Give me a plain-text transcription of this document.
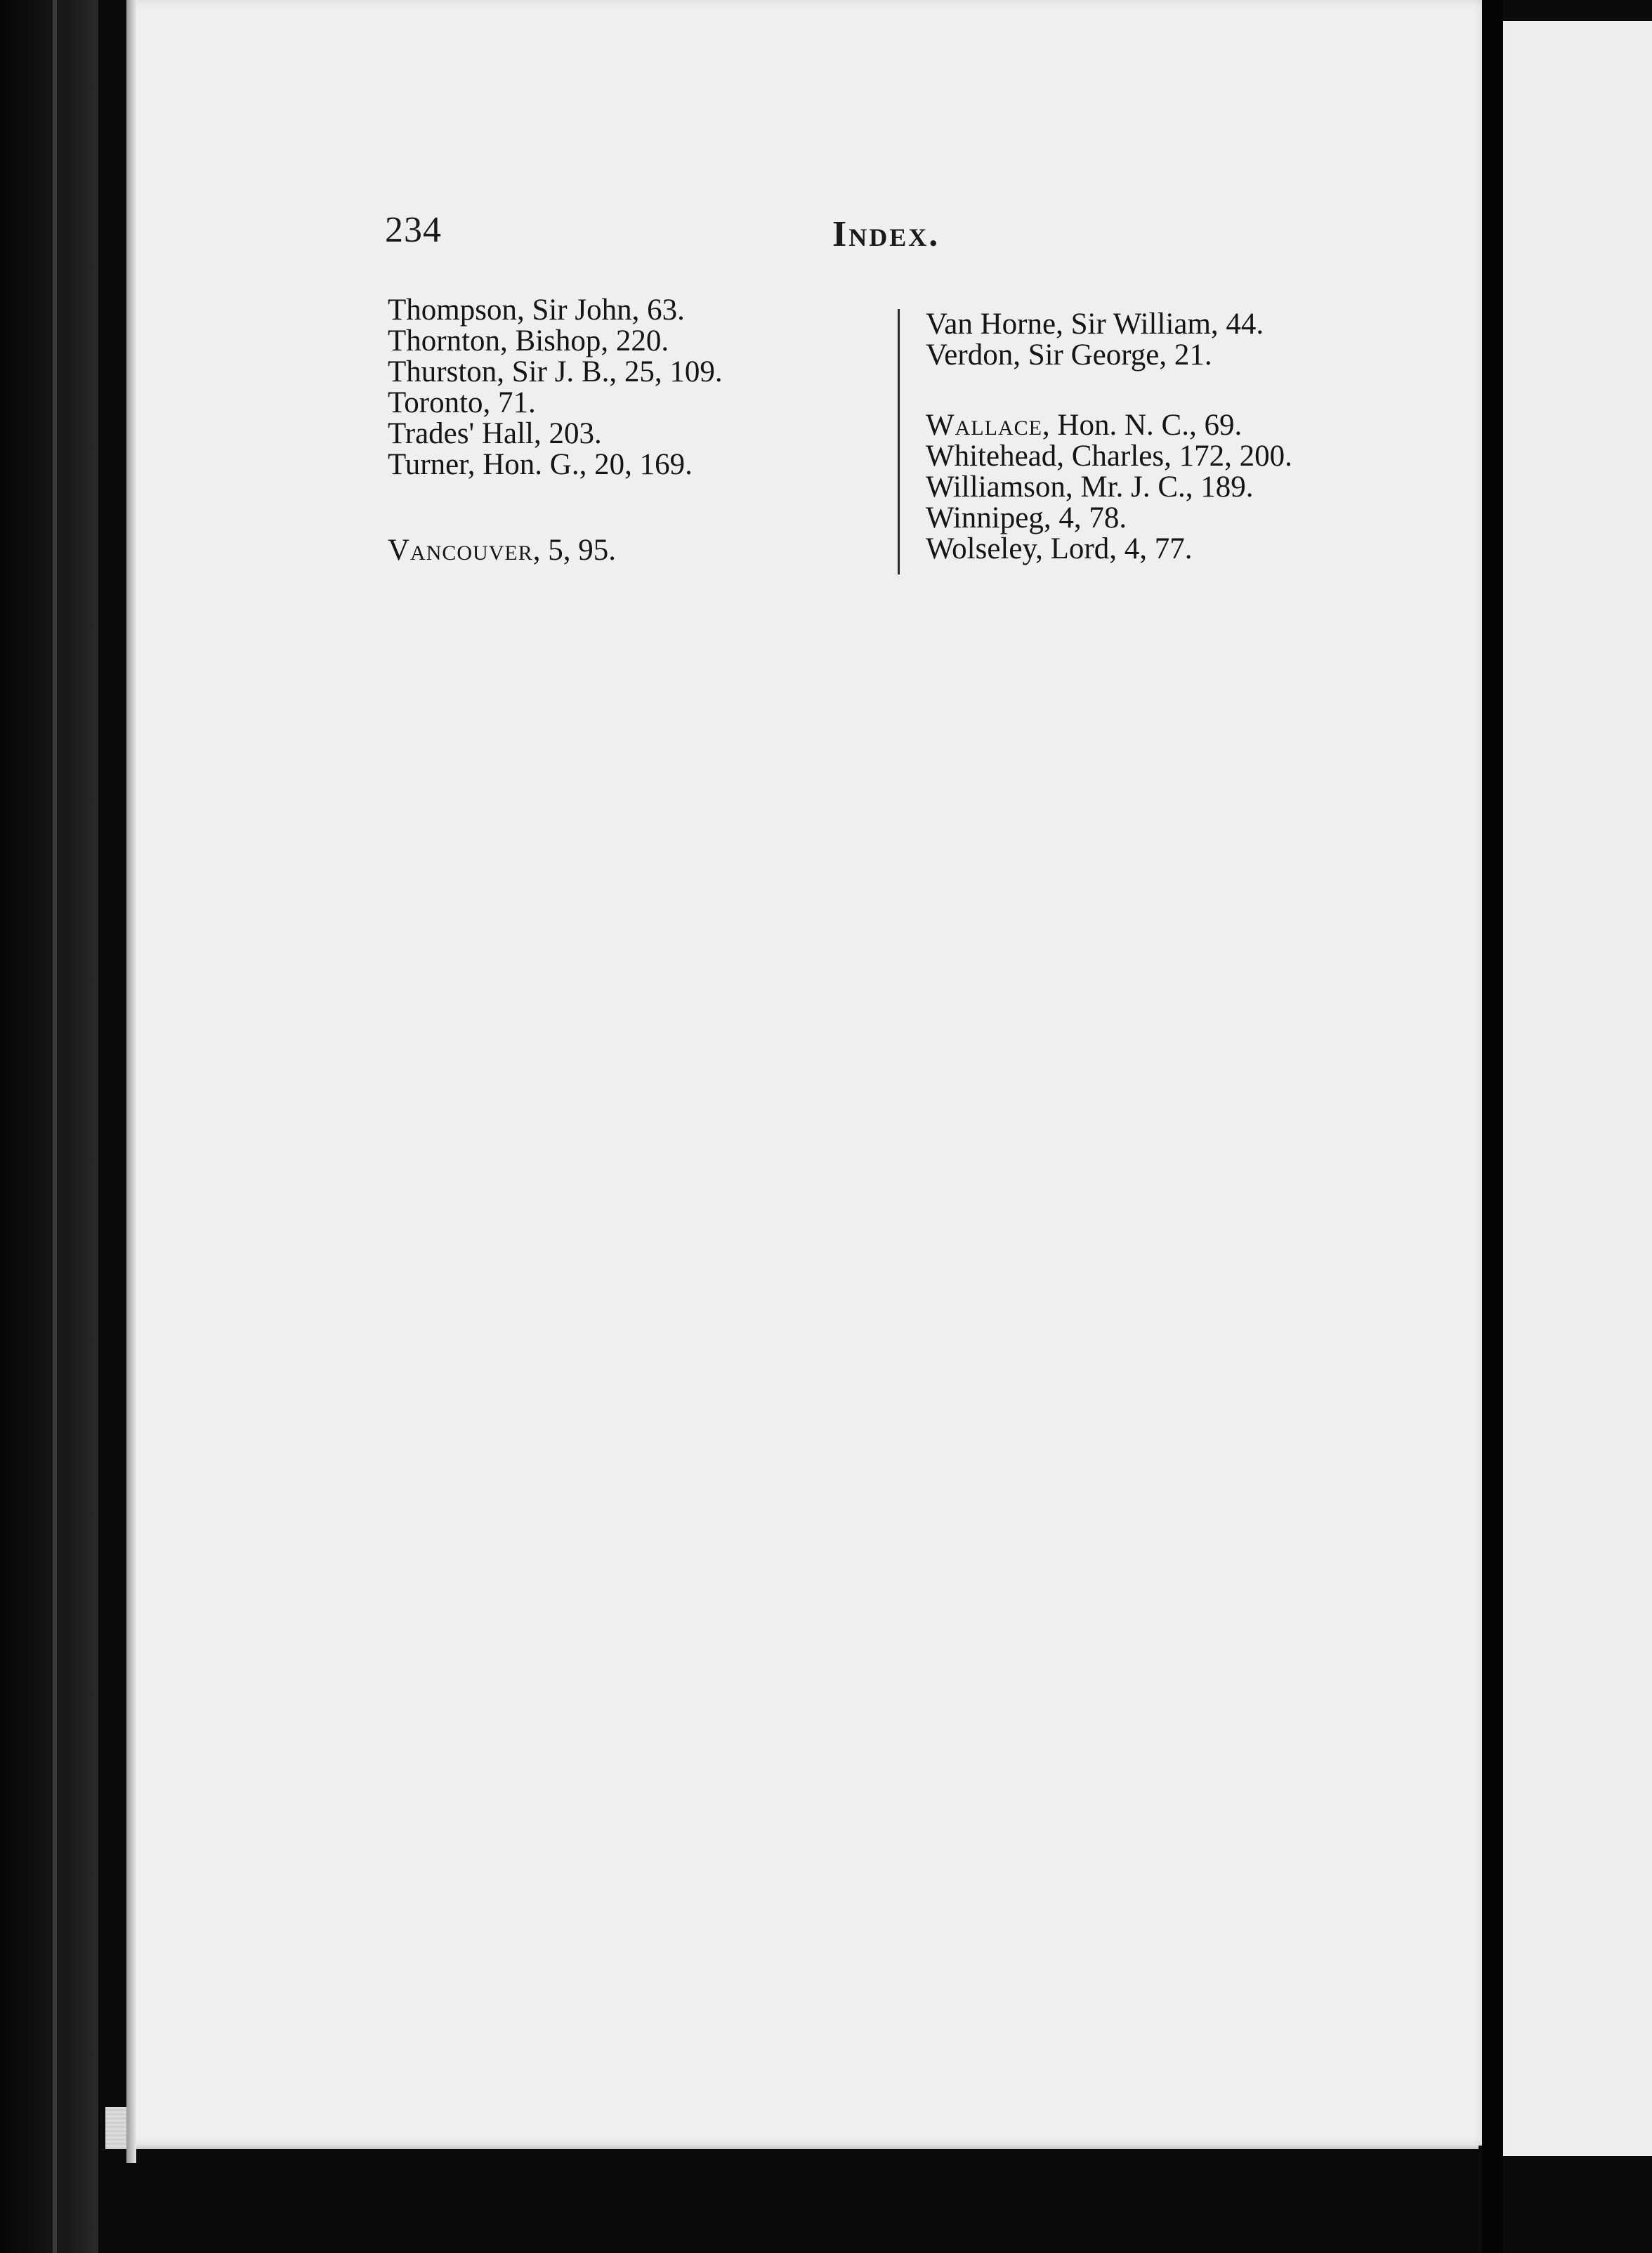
234	Index.
Thompson, Sir John, 63.
Thornton, Bishop, 220.
Thurston, Sir J. B., 25, 109.
Toronto, 71.
Trades' Hall, 203.
Turner, Hon. G., 20, 169.
Vancouver, 5, 95.
Van Horne, Sir William, 44.
Verdon, Sir George, 21.
Wallace, Hon. N. C., 69.
Whitehead, Charles, 172, 200.
Williamson, Mr. J. C., 189.
Winnipeg, 4, 78.
Wolseley, Lord, 4, 77.
